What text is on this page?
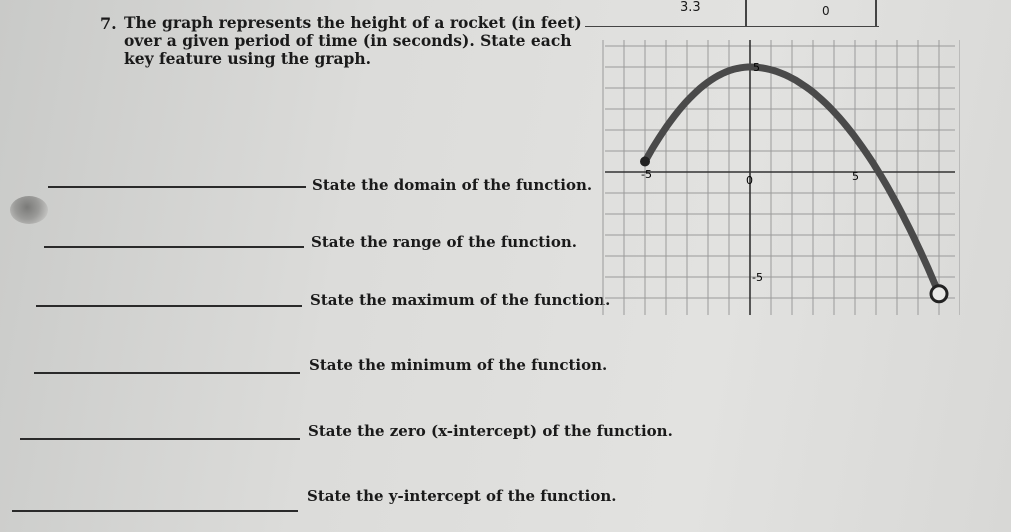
3.3	0
7. The graph represents the height of a rocket (in feet) over a given period of time (in seconds). State each key feature using the graph.
State the domain of the function.
State the range of the function.
State the maximum of the function.
State the minimum of the function.
State the zero (x-intercept) of the function.
State the y-intercept of the function.
-5	0	5
5
-5
